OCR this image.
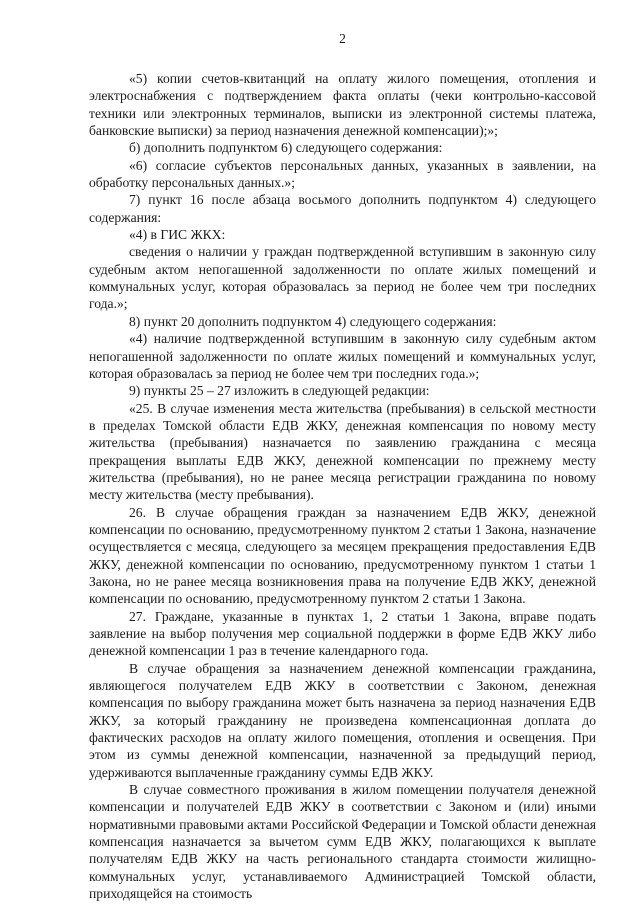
2

«5) копии счетов-квитанций на оплату жилого помещения, отопления и электроснабжения с подтверждением факта оплаты (чеки контрольно-кассовой техники или электронных терминалов, выписки из электронной системы платежа, банковские выписки) за период назначения денежной компенсации);»;

б) дополнить подпунктом 6) следующего содержания:

«6) согласие субъектов персональных данных, указанных в заявлении, на обработку персональных данных.»;

7) пункт 16 после абзаца восьмого дополнить подпунктом 4) следующего содержания:

«4) в ГИС ЖКХ:

сведения о наличии у граждан подтвержденной вступившим в законную силу судебным актом непогашенной задолженности по оплате жилых помещений и коммунальных услуг, которая образовалась за период не более чем три последних года.»;

8) пункт 20 дополнить подпунктом 4) следующего содержания:

«4) наличие подтвержденной вступившим в законную силу судебным актом непогашенной задолженности по оплате жилых помещений и коммунальных услуг, которая образовалась за период не более чем три последних года.»;

9) пункты 25 – 27 изложить в следующей редакции:

«25. В случае изменения места жительства (пребывания) в сельской местности в пределах Томской области ЕДВ ЖКУ, денежная компенсация по новому месту жительства (пребывания) назначается по заявлению гражданина с месяца прекращения выплаты ЕДВ ЖКУ, денежной компенсации по прежнему месту жительства (пребывания), но не ранее месяца регистрации гражданина по новому месту жительства (месту пребывания).

26. В случае обращения граждан за назначением ЕДВ ЖКУ, денежной компенсации по основанию, предусмотренному пунктом 2 статьи 1 Закона, назначение осуществляется с месяца, следующего за месяцем прекращения предоставления ЕДВ ЖКУ, денежной компенсации по основанию, предусмотренному пунктом 1 статьи 1 Закона, но не ранее месяца возникновения права на получение ЕДВ ЖКУ, денежной компенсации по основанию, предусмотренному пунктом 2 статьи 1 Закона.

27. Граждане, указанные в пунктах 1, 2 статьи 1 Закона, вправе подать заявление на выбор получения мер социальной поддержки в форме ЕДВ ЖКУ либо денежной компенсации 1 раз в течение календарного года.

В случае обращения за назначением денежной компенсации гражданина, являющегося получателем ЕДВ ЖКУ в соответствии с Законом, денежная компенсация по выбору гражданина может быть назначена за период назначения ЕДВ ЖКУ, за который гражданину не произведена компенсационная доплата до фактических расходов на оплату жилого помещения, отопления и освещения. При этом из суммы денежной компенсации, назначенной за предыдущий период, удерживаются выплаченные гражданину суммы ЕДВ ЖКУ.

В случае совместного проживания в жилом помещении получателя денежной компенсации и получателей ЕДВ ЖКУ в соответствии с Законом и (или) иными нормативными правовыми актами Российской Федерации и Томской области денежная компенсация назначается за вычетом сумм ЕДВ ЖКУ, полагающихся к выплате получателям ЕДВ ЖКУ на часть регионального стандарта стоимости жилищно-коммунальных услуг, устанавливаемого Администрацией Томской области, приходящейся на стоимость
